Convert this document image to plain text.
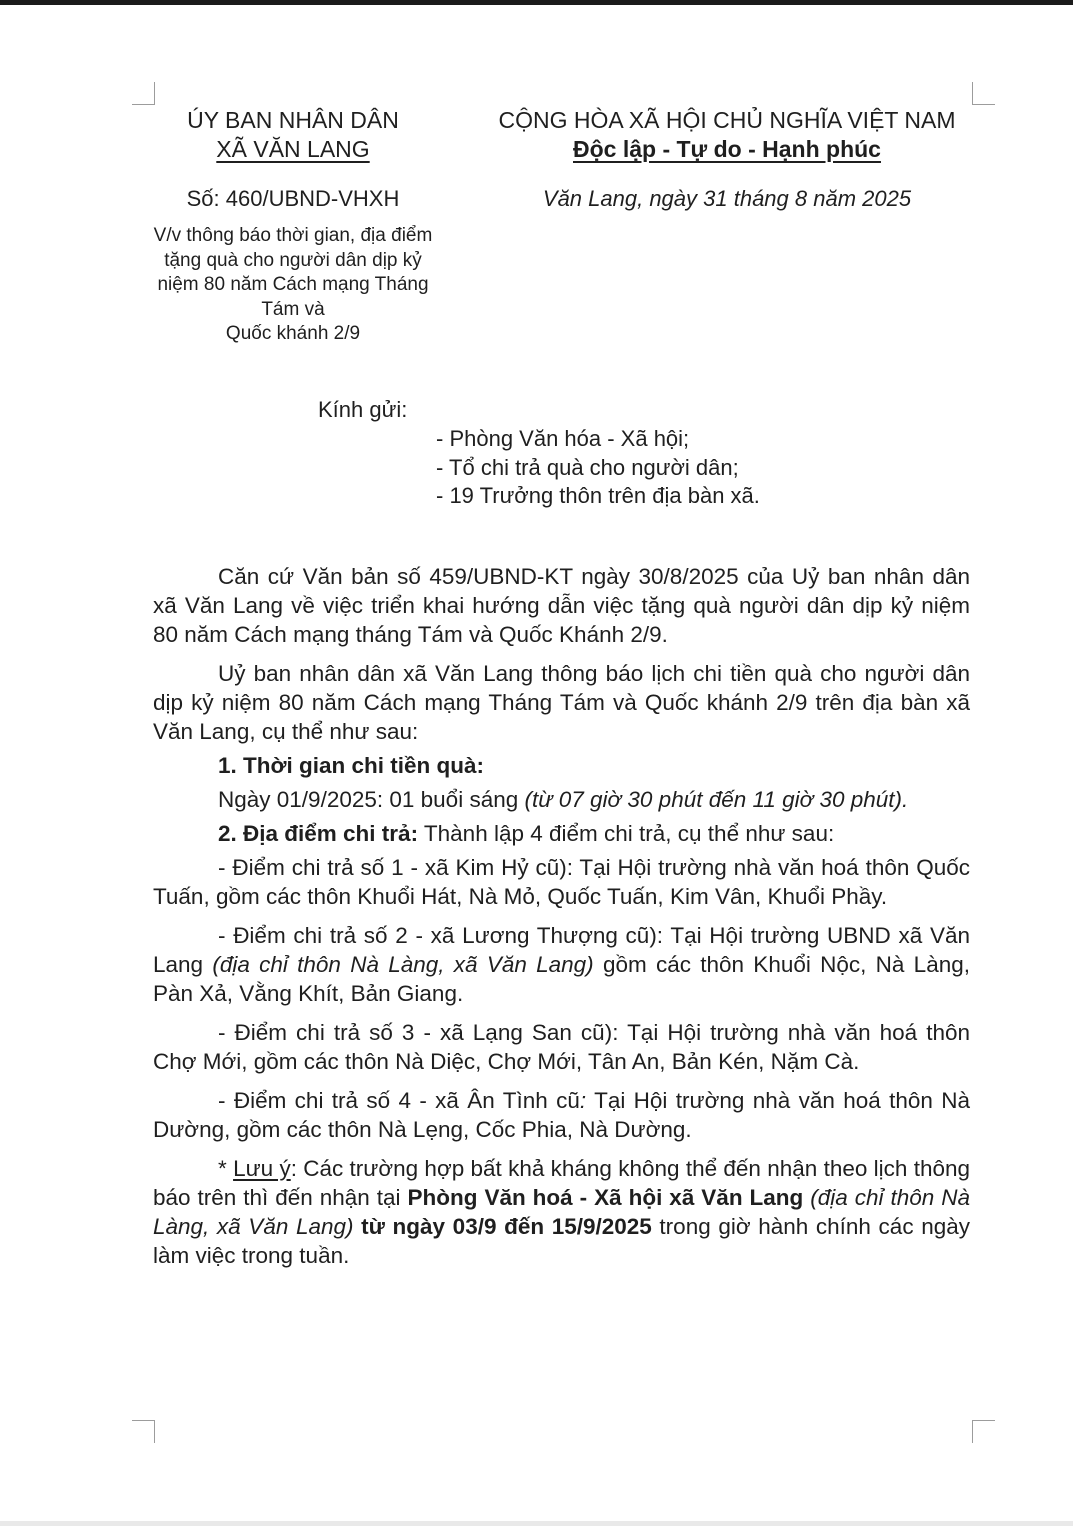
ÚY BAN NHÂN DÂN
XÃ VĂN LANG
CỘNG HÒA XÃ HỘI CHỦ NGHĨA VIỆT NAM
Độc lập - Tự do - Hạnh phúc
Số: 460/UBND-VHXH	Văn Lang, ngày 31 tháng 8 năm 2025
V/v thông báo thời gian, địa điểm
tặng quà cho người dân dịp kỷ
niệm 80 năm Cách mạng Tháng
Tám và
Quốc khánh 2/9
Kính gửi:
- Phòng Văn hóa - Xã hội;
- Tổ chi trả quà cho người dân;
- 19 Trưởng thôn trên địa bàn xã.

Căn cứ Văn bản số 459/UBND-KT ngày 30/8/2025 của Uỷ ban nhân dân xã Văn Lang về việc triển khai hướng dẫn việc tặng quà người dân dịp kỷ niệm 80 năm Cách mạng tháng Tám và Quốc Khánh 2/9.

Uỷ ban nhân dân xã Văn Lang thông báo lịch chi tiền quà cho người dân dịp kỷ niệm 80 năm Cách mạng Tháng Tám và Quốc khánh 2/9 trên địa bàn xã Văn Lang, cụ thể như sau:

1. Thời gian chi tiền quà:

Ngày 01/9/2025: 01 buổi sáng (từ 07 giờ 30 phút đến 11 giờ 30 phút).

2. Địa điểm chi trả: Thành lập 4 điểm chi trả, cụ thể như sau:

- Điểm chi trả số 1 - xã Kim Hỷ cũ): Tại Hội trường nhà văn hoá thôn Quốc Tuấn, gồm các thôn Khuổi Hát, Nà Mỏ, Quốc Tuấn, Kim Vân, Khuổi Phầy.

- Điểm chi trả số 2 - xã Lương Thượng cũ): Tại Hội trường UBND xã Văn Lang (địa chỉ thôn Nà Làng, xã Văn Lang) gồm các thôn Khuổi Nộc, Nà Làng, Pàn Xả, Vằng Khít, Bản Giang.

- Điểm chi trả số 3 - xã Lạng San cũ): Tại Hội trường nhà văn hoá thôn Chợ Mới, gồm các thôn Nà Diệc, Chợ Mới, Tân An, Bản Kén, Nặm Cà.

- Điểm chi trả số 4 - xã Ân Tình cũ: Tại Hội trường nhà văn hoá thôn Nà Dường, gồm các thôn Nà Lẹng, Cốc Phia, Nà Dường.

* Lưu ý: Các trường hợp bất khả kháng không thể đến nhận theo lịch thông báo trên thì đến nhận tại Phòng Văn hoá - Xã hội xã Văn Lang (địa chỉ thôn Nà Làng, xã Văn Lang) từ ngày 03/9 đến 15/9/2025 trong giờ hành chính các ngày làm việc trong tuần.
